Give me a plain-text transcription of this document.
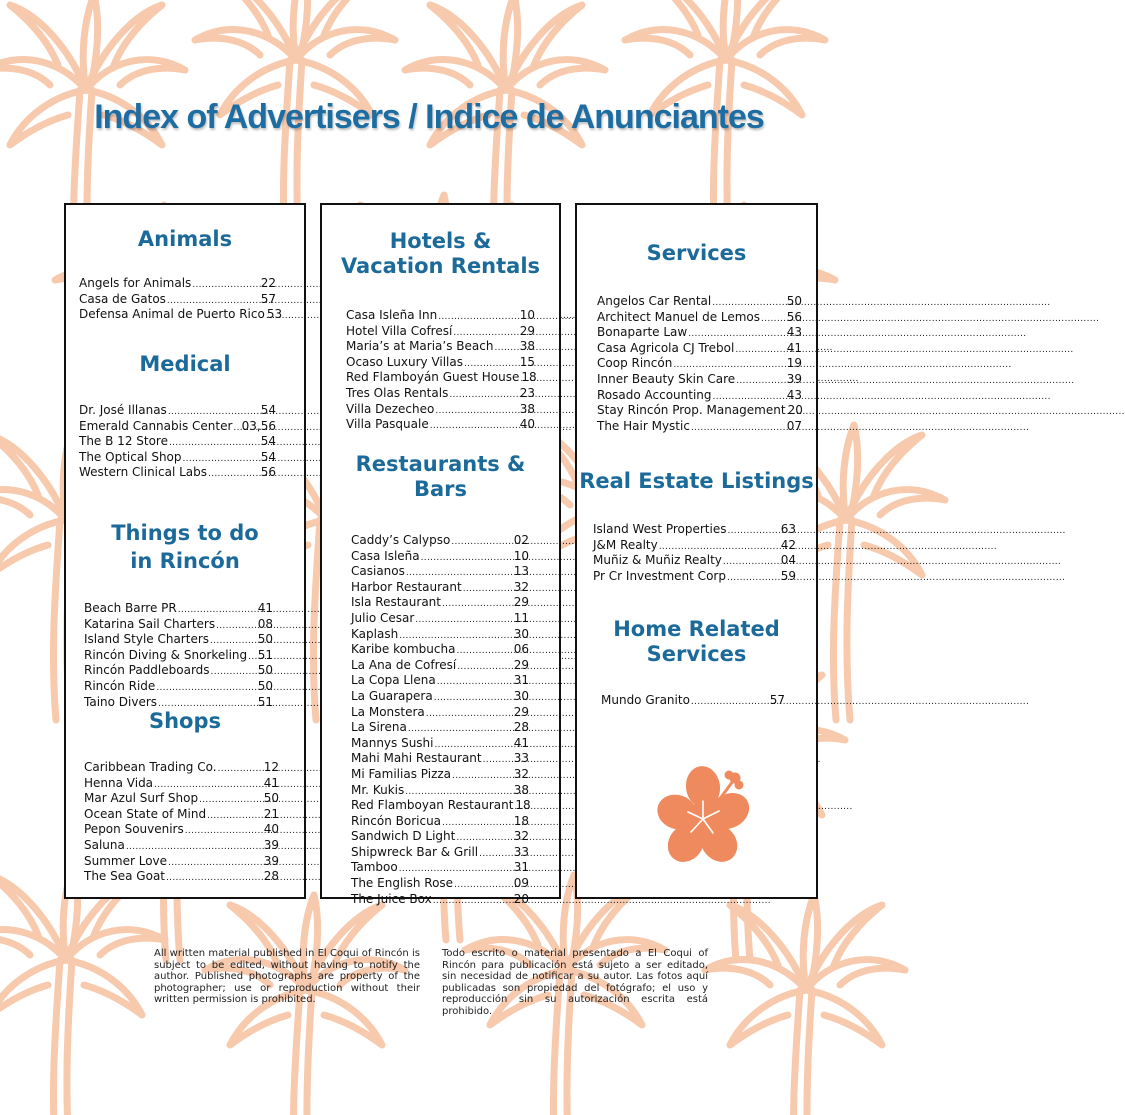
Index of Advertisers / Indice de Anunciantes
Animals
Angels for Animals .....	22
Casa de Gatos .....	57
Defensa Animal de Puerto Rico 53
Medical
Dr. José Illanas .....	54
Emerald Cannabis Center ..... 03,56
The B 12 Store .....	54
The Optical Shop .....	54
Western Clinical Labs .....	56
Things to do
in Rincón
Beach Barre PR .....	41
Katarina Sail Charters .....	08
Island Style Charters .....	50
Rincón Diving & Snorkeling ..... 51
Rincón Paddleboards .....	50
Rincón Ride .....	50
Taino Divers .....	51
Shops
Caribbean Trading Co. .....	12
Henna Vida .....	41
Mar Azul Surf Shop .....	50
Ocean State of Mind .....	21
Pepon Souvenirs .....	40
Saluna .....	39
Summer Love .....	39
The Sea Goat .....	28
Hotels &
Vacation Rentals
Casa Isleña Inn .....	10
Hotel Villa Cofresí .....	29
Maria’s at Maria’s Beach ..... 38
Ocaso Luxury Villas .....	15
Red Flamboyán Guest House 18
Tres Olas Rentals .....	23
Villa Dezecheo .....	38
Villa Pasquale .....	40
Restaurants &
Bars
Caddy’s Calypso .....	02
Casa Isleña .....	10
Casianos .....	13
Harbor Restaurant .....	32
Isla Restaurant .....	29
Julio Cesar .....	11
Kaplash .....	30
Karibe kombucha .....	06
La Ana de Cofresí .....	29
La Copa Llena .....	31
La Guarapera .....	30
La Monstera .....	29
La Sirena .....	28
Mannys Sushi .....	41
Mahi Mahi Restaurant .....	33
Mi Familias Pizza .....	32
Mr. Kukis .....	38
Red Flamboyan Restaurant 18
Rincón Boricua .....	18
Sandwich D Light .....	32
Shipwreck Bar & Grill .....	33
Tamboo .....	31
The English Rose .....	09
The Juice Box .....	20
Services
Angelos Car Rental .....	50
Architect Manuel de Lemos ..... 56
Bonaparte Law .....	43
Casa Agricola CJ Trebol .....	41
Coop Rincón .....	19
Inner Beauty Skin Care .....	39
Rosado Accounting .....	43
Stay Rincón Prop. Management 20
The Hair Mystic .....	07
Real Estate Listings
Island West Properties .....	63
J&M Realty .....	42
Muñiz & Muñiz Realty .....	04
Pr Cr Investment Corp .....	59
Home Related
Services
Mundo Granito .....	57
All written material published in El Coqui of Rincón is subject to be edited, without having to notify the author. Published photographs are property of the photographer; use or reproduction without their written permission is prohibited.
Todo escrito o material presentado a El Coqui of Rincón para publicación está sujeto a ser editado, sin necesidad de notificar a su autor. Las fotos aquí publicadas son propiedad del fotógrafo; el uso y reproducción sin su autorización escrita está prohibido.
